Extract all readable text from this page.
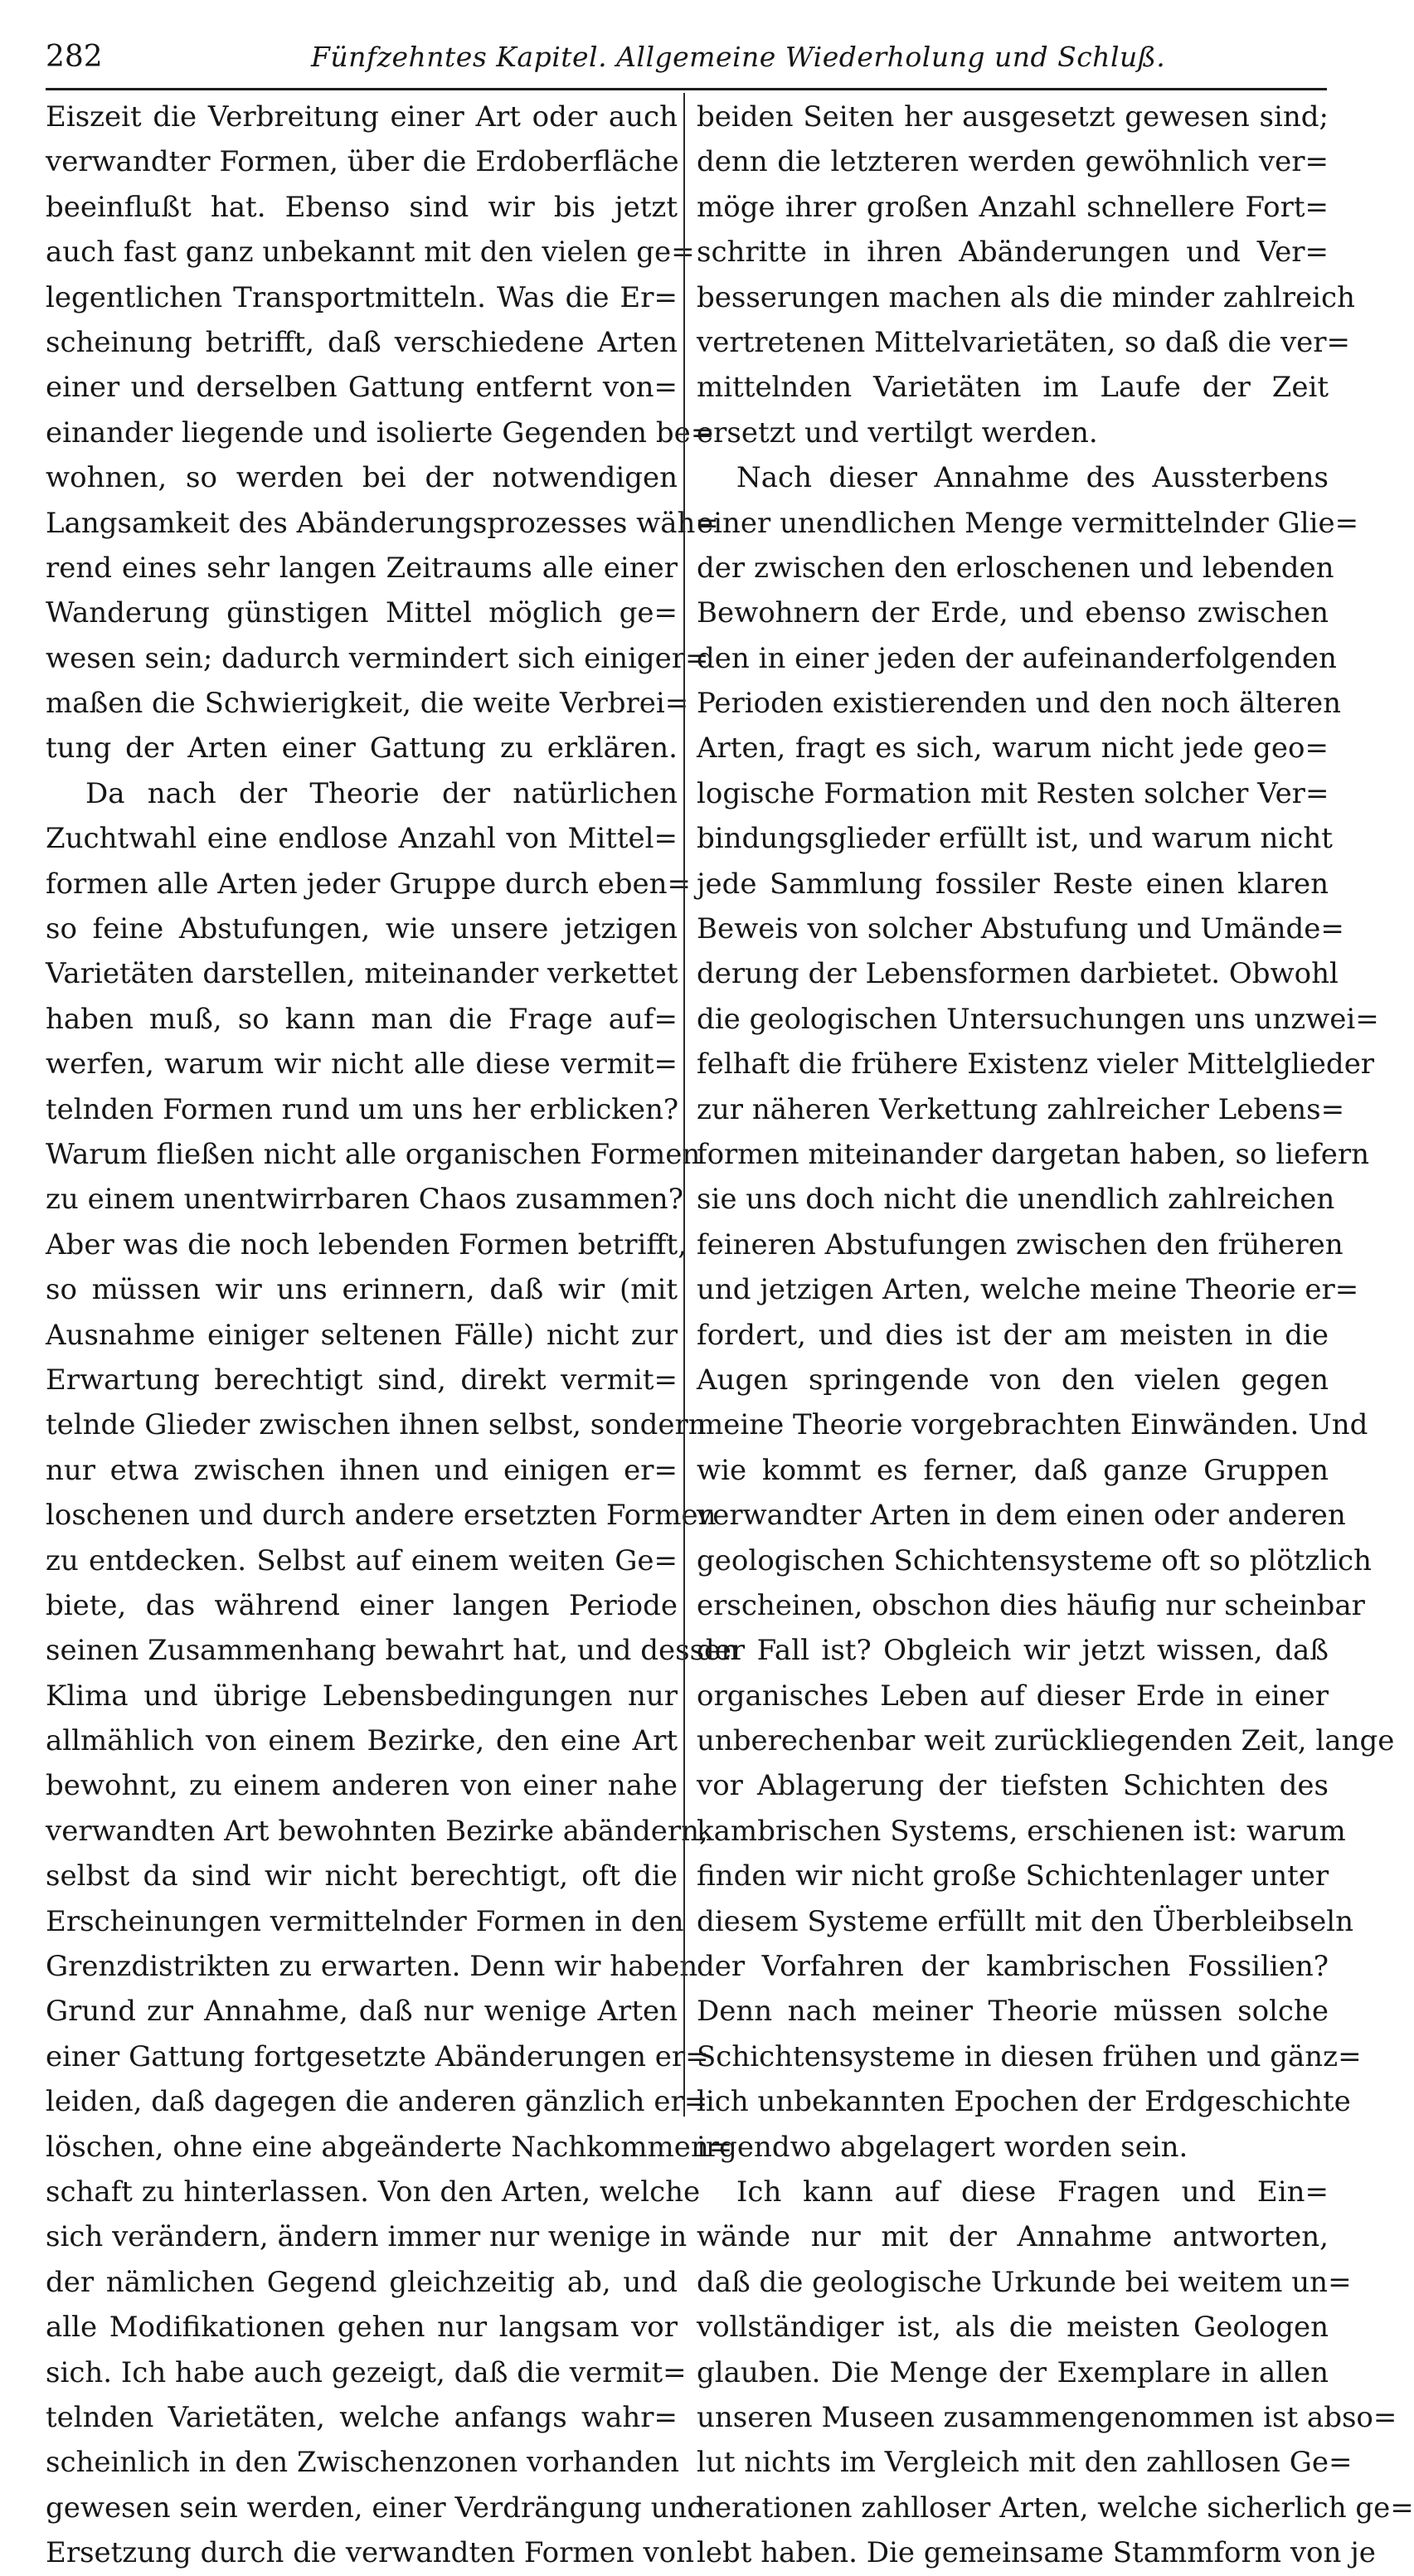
282	Fünfzehntes Kapitel. Allgemeine Wiederholung und Schluß.
Eiszeit die Verbreitung einer Art oder auch
verwandter Formen, über die Erdoberfläche
beeinflußt hat. Ebenso sind wir bis jetzt
auch fast ganz unbekannt mit den vielen ge=
legentlichen Transportmitteln. Was die Er=
scheinung betrifft, daß verschiedene Arten
einer und derselben Gattung entfernt von=
einander liegende und isolierte Gegenden be=
wohnen, so werden bei der notwendigen
Langsamkeit des Abänderungsprozesses wäh=
rend eines sehr langen Zeitraums alle einer
Wanderung günstigen Mittel möglich ge=
wesen sein; dadurch vermindert sich einiger=
maßen die Schwierigkeit, die weite Verbrei=
tung der Arten einer Gattung zu erklären.
Da nach der Theorie der natürlichen
Zuchtwahl eine endlose Anzahl von Mittel=
formen alle Arten jeder Gruppe durch eben=
so feine Abstufungen, wie unsere jetzigen
Varietäten darstellen, miteinander verkettet
haben muß, so kann man die Frage auf=
werfen, warum wir nicht alle diese vermit=
telnden Formen rund um uns her erblicken?
Warum fließen nicht alle organischen Formen
zu einem unentwirrbaren Chaos zusammen?
Aber was die noch lebenden Formen betrifft,
so müssen wir uns erinnern, daß wir (mit
Ausnahme einiger seltenen Fälle) nicht zur
Erwartung berechtigt sind, direkt vermit=
telnde Glieder zwischen ihnen selbst, sondern
nur etwa zwischen ihnen und einigen er=
loschenen und durch andere ersetzten Formen
zu entdecken. Selbst auf einem weiten Ge=
biete, das während einer langen Periode
seinen Zusammenhang bewahrt hat, und dessen
Klima und übrige Lebensbedingungen nur
allmählich von einem Bezirke, den eine Art
bewohnt, zu einem anderen von einer nahe
verwandten Art bewohnten Bezirke abändern,
selbst da sind wir nicht berechtigt, oft die
Erscheinungen vermittelnder Formen in den
Grenzdistrikten zu erwarten. Denn wir haben
Grund zur Annahme, daß nur wenige Arten
einer Gattung fortgesetzte Abänderungen er=
leiden, daß dagegen die anderen gänzlich er=
löschen, ohne eine abgeänderte Nachkommen=
schaft zu hinterlassen. Von den Arten, welche
sich verändern, ändern immer nur wenige in
der nämlichen Gegend gleichzeitig ab, und
alle Modifikationen gehen nur langsam vor
sich. Ich habe auch gezeigt, daß die vermit=
telnden Varietäten, welche anfangs wahr=
scheinlich in den Zwischenzonen vorhanden
gewesen sein werden, einer Verdrängung und
Ersetzung durch die verwandten Formen von
beiden Seiten her ausgesetzt gewesen sind;
denn die letzteren werden gewöhnlich ver=
möge ihrer großen Anzahl schnellere Fort=
schritte in ihren Abänderungen und Ver=
besserungen machen als die minder zahlreich
vertretenen Mittelvarietäten, so daß die ver=
mittelnden Varietäten im Laufe der Zeit
ersetzt und vertilgt werden.
Nach dieser Annahme des Aussterbens
einer unendlichen Menge vermittelnder Glie=
der zwischen den erloschenen und lebenden
Bewohnern der Erde, und ebenso zwischen
den in einer jeden der aufeinanderfolgenden
Perioden existierenden und den noch älteren
Arten, fragt es sich, warum nicht jede geo=
logische Formation mit Resten solcher Ver=
bindungsglieder erfüllt ist, und warum nicht
jede Sammlung fossiler Reste einen klaren
Beweis von solcher Abstufung und Umände=
derung der Lebensformen darbietet. Obwohl
die geologischen Untersuchungen uns unzwei=
felhaft die frühere Existenz vieler Mittelglieder
zur näheren Verkettung zahlreicher Lebens=
formen miteinander dargetan haben, so liefern
sie uns doch nicht die unendlich zahlreichen
feineren Abstufungen zwischen den früheren
und jetzigen Arten, welche meine Theorie er=
fordert, und dies ist der am meisten in die
Augen springende von den vielen gegen
meine Theorie vorgebrachten Einwänden. Und
wie kommt es ferner, daß ganze Gruppen
verwandter Arten in dem einen oder anderen
geologischen Schichtensysteme oft so plötzlich
erscheinen, obschon dies häufig nur scheinbar
der Fall ist? Obgleich wir jetzt wissen, daß
organisches Leben auf dieser Erde in einer
unberechenbar weit zurückliegenden Zeit, lange
vor Ablagerung der tiefsten Schichten des
kambrischen Systems, erschienen ist: warum
finden wir nicht große Schichtenlager unter
diesem Systeme erfüllt mit den Überbleibseln
der Vorfahren der kambrischen Fossilien?
Denn nach meiner Theorie müssen solche
Schichtensysteme in diesen frühen und gänz=
lich unbekannten Epochen der Erdgeschichte
irgendwo abgelagert worden sein.
Ich kann auf diese Fragen und Ein=
wände nur mit der Annahme antworten,
daß die geologische Urkunde bei weitem un=
vollständiger ist, als die meisten Geologen
glauben. Die Menge der Exemplare in allen
unseren Museen zusammengenommen ist abso=
lut nichts im Vergleich mit den zahllosen Ge=
nerationen zahlloser Arten, welche sicherlich ge=
lebt haben. Die gemeinsame Stammform von je
